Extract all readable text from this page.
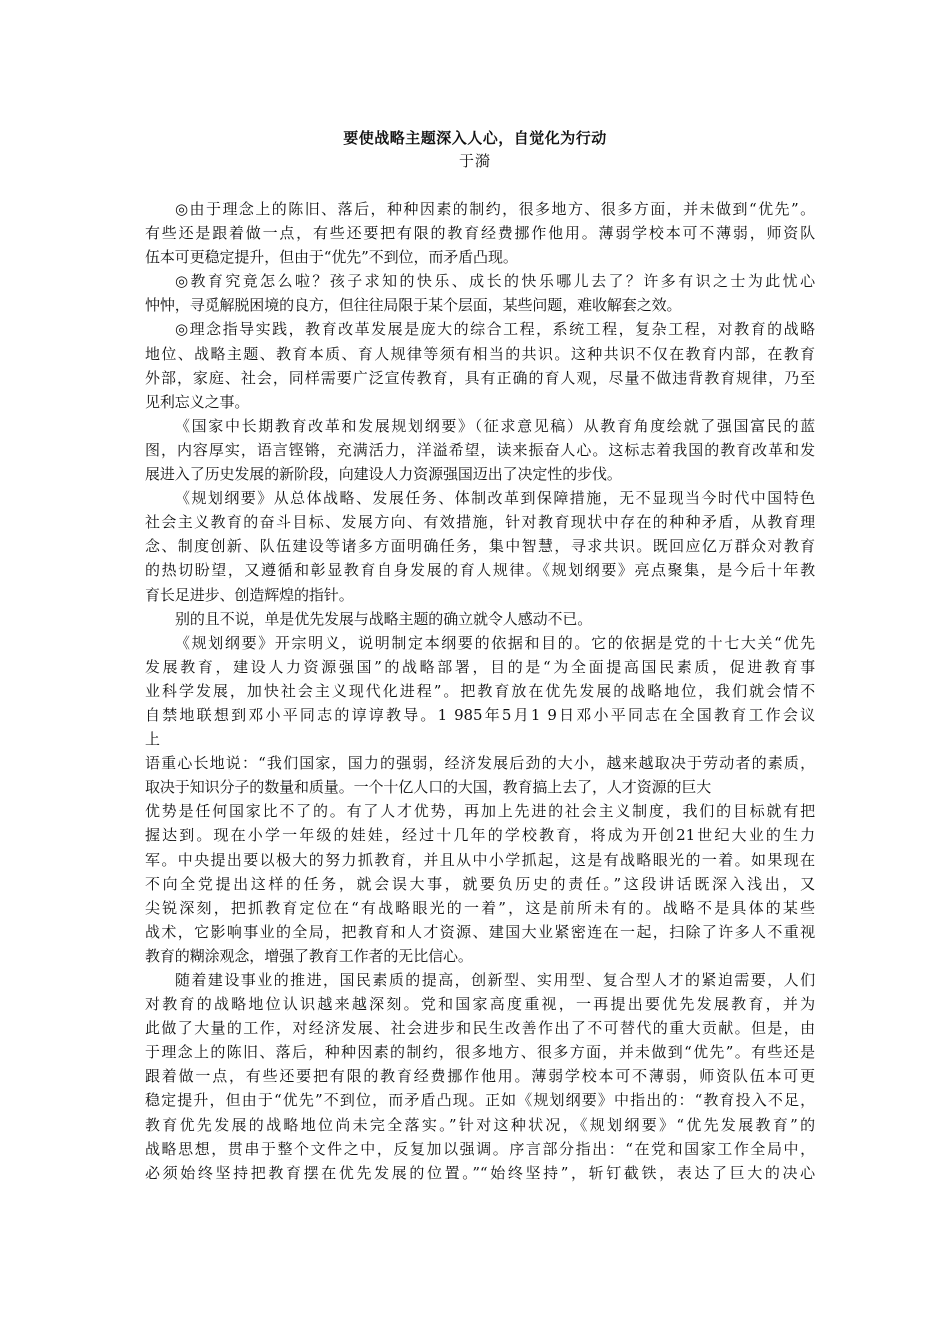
要使战略主题深入人心，自觉化为行动
于漪
◎由于理念上的陈旧、落后，种种因素的制约，很多地方、很多方面，并未做到“优先”。
有些还是跟着做一点，有些还要把有限的教育经费挪作他用。薄弱学校本可不薄弱，师资队
伍本可更稳定提升，但由于“优先”不到位，而矛盾凸现。
◎教育究竟怎么啦？孩子求知的快乐、成长的快乐哪儿去了？许多有识之士为此忧心
忡忡，寻觅解脱困境的良方，但往往局限于某个层面，某些问题，难收解套之效。
◎理念指导实践，教育改革发展是庞大的综合工程，系统工程，复杂工程，对教育的战略
地位、战略主题、教育本质、育人规律等须有相当的共识。这种共识不仅在教育内部，在教育
外部，家庭、社会，同样需要广泛宣传教育，具有正确的育人观，尽量不做违背教育规律，乃至
见利忘义之事。
《国家中长期教育改革和发展规划纲要》（征求意见稿）从教育角度绘就了强国富民的蓝
图，内容厚实，语言铿锵，充满活力，洋溢希望，读来振奋人心。这标志着我国的教育改革和发
展进入了历史发展的新阶段，向建设人力资源强国迈出了决定性的步伐。
《规划纲要》从总体战略、发展任务、体制改革到保障措施，无不显现当今时代中国特色
社会主义教育的奋斗目标、发展方向、有效措施，针对教育现状中存在的种种矛盾，从教育理
念、制度创新、队伍建设等诸多方面明确任务，集中智慧，寻求共识。既回应亿万群众对教育
的热切盼望，又遵循和彰显教育自身发展的育人规律。《规划纲要》亮点聚集，是今后十年教
育长足进步、创造辉煌的指针。
别的且不说，单是优先发展与战略主题的确立就令人感动不已。
《规划纲要》开宗明义，说明制定本纲要的依据和目的。它的依据是党的十七大关“优先
发展教育，建设人力资源强国”的战略部署，目的是“为全面提高国民素质，促进教育事
业科学发展，加快社会主义现代化进程”。把教育放在优先发展的战略地位，我们就会情不
自禁地联想到邓小平同志的谆谆教导。1 985年5月1 9日邓小平同志在全国教育工作会议
上
语重心长地说：“我们国家，国力的强弱，经济发展后劲的大小，越来越取决于劳动者的素质，
取决于知识分子的数量和质量。一个十亿人口的大国，教育搞上去了，人才资源的巨大
优势是任何国家比不了的。有了人才优势，再加上先进的社会主义制度，我们的目标就有把
握达到。现在小学一年级的娃娃，经过十几年的学校教育，将成为开创21世纪大业的生力
军。中央提出要以极大的努力抓教育，并且从中小学抓起，这是有战略眼光的一着。如果现在
不向全党提出这样的任务，就会误大事，就要负历史的责任。”这段讲话既深入浅出，又
尖锐深刻，把抓教育定位在“有战略眼光的一着”，这是前所未有的。战略不是具体的某些
战术，它影响事业的全局，把教育和人才资源、建国大业紧密连在一起，扫除了许多人不重视
教育的糊涂观念，增强了教育工作者的无比信心。
随着建设事业的推进，国民素质的提高，创新型、实用型、复合型人才的紧迫需要，人们
对教育的战略地位认识越来越深刻。党和国家高度重视，一再提出要优先发展教育，并为
此做了大量的工作，对经济发展、社会进步和民生改善作出了不可替代的重大贡献。但是，由
于理念上的陈旧、落后，种种因素的制约，很多地方、很多方面，并未做到“优先”。有些还是
跟着做一点，有些还要把有限的教育经费挪作他用。薄弱学校本可不薄弱，师资队伍本可更
稳定提升，但由于“优先”不到位，而矛盾凸现。正如《规划纲要》中指出的：“教育投入不足，
教育优先发展的战略地位尚未完全落实。”针对这种状况，《规划纲要》“优先发展教育”的
战略思想，贯串于整个文件之中，反复加以强调。序言部分指出：“在党和国家工作全局中，
必须始终坚持把教育摆在优先发展的位置。”“始终坚持”，斩钉截铁，表达了巨大的决心
